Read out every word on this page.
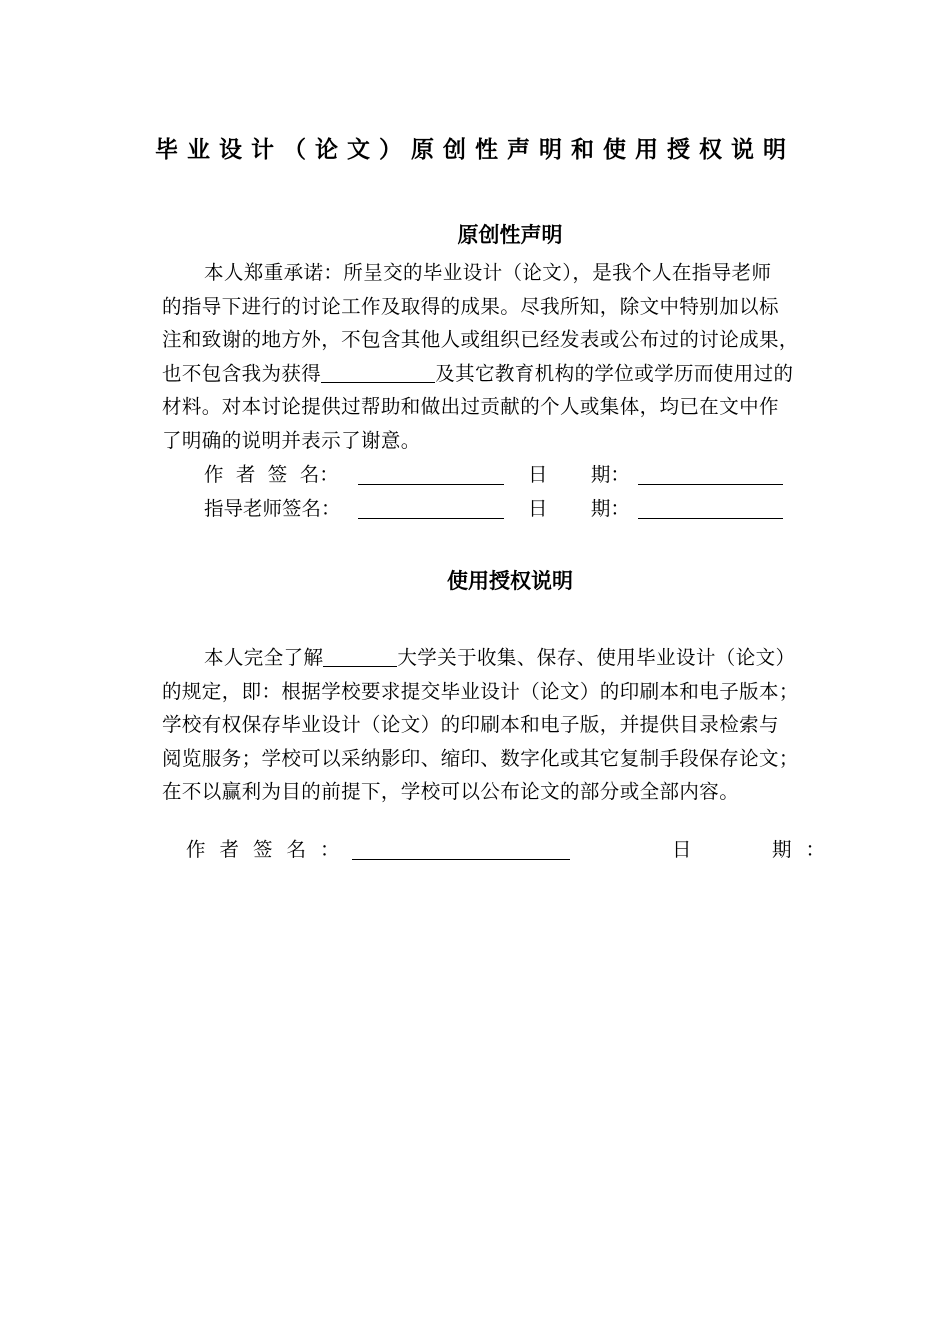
毕业设计（论文）原创性声明和使用授权说明
原创性声明
本人郑重承诺：所呈交的毕业设计（论文），是我个人在指导老师
的指导下进行的讨论工作及取得的成果。尽我所知，除文中特别加以标
注和致谢的地方外，不包含其他人或组织已经发表或公布过的讨论成果，
也不包含我为获得	及其它教育机构的学位或学历而使用过的
材料。对本讨论提供过帮助和做出过贡献的个人或集体，均已在文中作
了明确的说明并表示了谢意。
作  者  签  名：	日       期：
指导老师签名：	日       期：
使用授权说明
本人完全了解	大学关于收集、保存、使用毕业设计（论文）
的规定，即：根据学校要求提交毕业设计（论文）的印刷本和电子版本；
学校有权保存毕业设计（论文）的印刷本和电子版，并提供目录检索与
阅览服务；学校可以采纳影印、缩印、数字化或其它复制手段保存论文；
在不以赢利为目的前提下，学校可以公布论文的部分或全部内容。
作者签名：	日	期：
